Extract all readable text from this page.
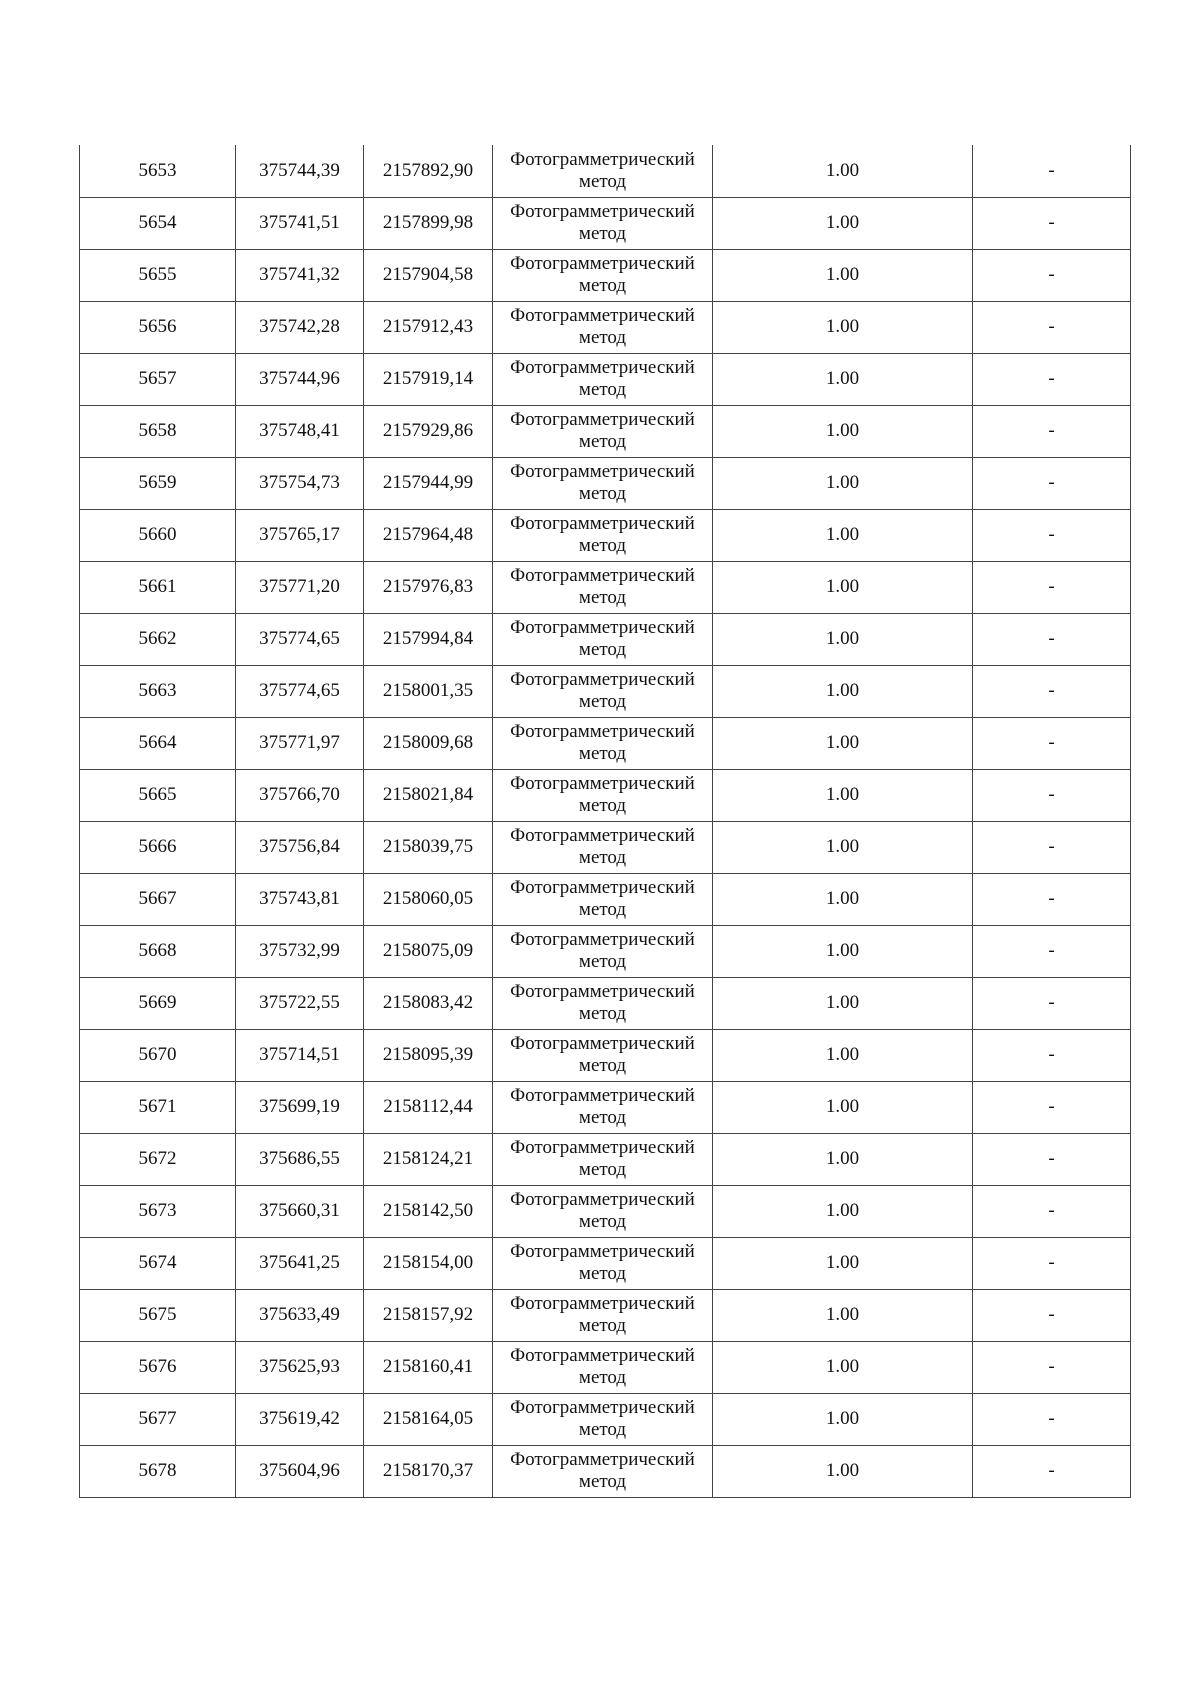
5653	375744,39	2157892,90	Фотограмметрический метод	1.00	-
5654	375741,51	2157899,98	Фотограмметрический метод	1.00	-
5655	375741,32	2157904,58	Фотограмметрический метод	1.00	-
5656	375742,28	2157912,43	Фотограмметрический метод	1.00	-
5657	375744,96	2157919,14	Фотограмметрический метод	1.00	-
5658	375748,41	2157929,86	Фотограмметрический метод	1.00	-
5659	375754,73	2157944,99	Фотограмметрический метод	1.00	-
5660	375765,17	2157964,48	Фотограмметрический метод	1.00	-
5661	375771,20	2157976,83	Фотограмметрический метод	1.00	-
5662	375774,65	2157994,84	Фотограмметрический метод	1.00	-
5663	375774,65	2158001,35	Фотограмметрический метод	1.00	-
5664	375771,97	2158009,68	Фотограмметрический метод	1.00	-
5665	375766,70	2158021,84	Фотограмметрический метод	1.00	-
5666	375756,84	2158039,75	Фотограмметрический метод	1.00	-
5667	375743,81	2158060,05	Фотограмметрический метод	1.00	-
5668	375732,99	2158075,09	Фотограмметрический метод	1.00	-
5669	375722,55	2158083,42	Фотограмметрический метод	1.00	-
5670	375714,51	2158095,39	Фотограмметрический метод	1.00	-
5671	375699,19	2158112,44	Фотограмметрический метод	1.00	-
5672	375686,55	2158124,21	Фотограмметрический метод	1.00	-
5673	375660,31	2158142,50	Фотограмметрический метод	1.00	-
5674	375641,25	2158154,00	Фотограмметрический метод	1.00	-
5675	375633,49	2158157,92	Фотограмметрический метод	1.00	-
5676	375625,93	2158160,41	Фотограмметрический метод	1.00	-
5677	375619,42	2158164,05	Фотограмметрический метод	1.00	-
5678	375604,96	2158170,37	Фотограмметрический метод	1.00	-
